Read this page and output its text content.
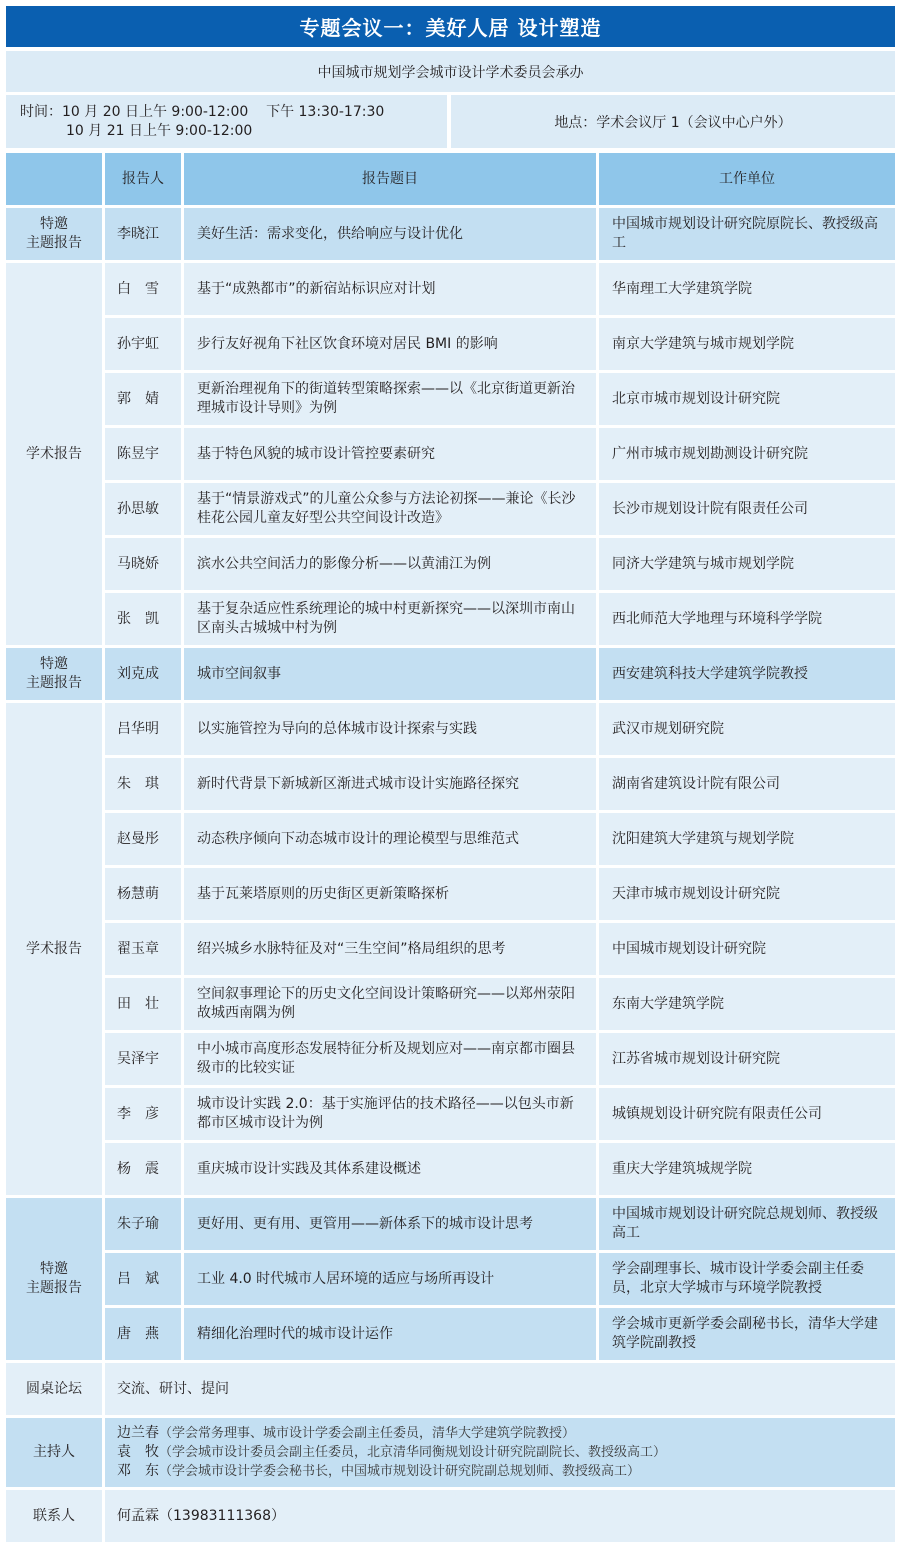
专题会议一：美好人居 设计塑造
中国城市规划学会城市设计学术委员会承办
时间：10 月 20 日上午 9:00-12:00    下午 13:30-17:30
10 月 21 日上午 9:00-12:00
地点：学术会议厅 1（会议中心户外）
	报告人	报告题目	工作单位

特邀
主题报告	李晓江	美好生活：需求变化，供给响应与设计优化	中国城市规划设计研究院原院长、教授级高工

学术报告	白　雪	基于“成熟都市”的新宿站标识应对计划	华南理工大学建筑学院
	孙宇虹	步行友好视角下社区饮食环境对居民 BMI 的影响	南京大学建筑与城市规划学院
	郭　婧	更新治理视角下的街道转型策略探索——以《北京街道更新治理城市设计导则》为例	北京市城市规划设计研究院
	陈昱宇	基于特色风貌的城市设计管控要素研究	广州市城市规划勘测设计研究院
	孙思敏	基于“情景游戏式”的儿童公众参与方法论初探——兼论《长沙桂花公园儿童友好型公共空间设计改造》	长沙市规划设计院有限责任公司
	马晓娇	滨水公共空间活力的影像分析——以黄浦江为例	同济大学建筑与城市规划学院
	张　凯	基于复杂适应性系统理论的城中村更新探究——以深圳市南山区南头古城城中村为例	西北师范大学地理与环境科学学院

特邀
主题报告	刘克成	城市空间叙事	西安建筑科技大学建筑学院教授

学术报告	吕华明	以实施管控为导向的总体城市设计探索与实践	武汉市规划研究院
	朱　琪	新时代背景下新城新区渐进式城市设计实施路径探究	湖南省建筑设计院有限公司
	赵曼彤	动态秩序倾向下动态城市设计的理论模型与思维范式	沈阳建筑大学建筑与规划学院
	杨慧萌	基于瓦莱塔原则的历史街区更新策略探析	天津市城市规划设计研究院
	翟玉章	绍兴城乡水脉特征及对“三生空间”格局组织的思考	中国城市规划设计研究院
	田　壮	空间叙事理论下的历史文化空间设计策略研究——以郑州荥阳故城西南隅为例	东南大学建筑学院
	吴泽宇	中小城市高度形态发展特征分析及规划应对——南京都市圈县级市的比较实证	江苏省城市规划设计研究院
	李　彦	城市设计实践 2.0：基于实施评估的技术路径——以包头市新都市区城市设计为例	城镇规划设计研究院有限责任公司
	杨　震	重庆城市设计实践及其体系建设概述	重庆大学建筑城规学院

特邀
主题报告	朱子瑜	更好用、更有用、更管用——新体系下的城市设计思考	中国城市规划设计研究院总规划师、教授级高工
	吕　斌	工业 4.0 时代城市人居环境的适应与场所再设计	学会副理事长、城市设计学委会副主任委员，北京大学城市与环境学院教授
	唐　燕	精细化治理时代的城市设计运作	学会城市更新学委会副秘书长，清华大学建筑学院副教授
圆桌论坛	交流、研讨、提问		
主持人	边兰春（学会常务理事、城市设计学委会副主任委员，清华大学建筑学院教授）
袁　牧（学会城市设计委员会副主任委员，北京清华同衡规划设计研究院副院长、教授级高工）
邓　东（学会城市设计学委会秘书长，中国城市规划设计研究院副总规划师、教授级高工）		

联系人	何孟霖（13983111368）		
